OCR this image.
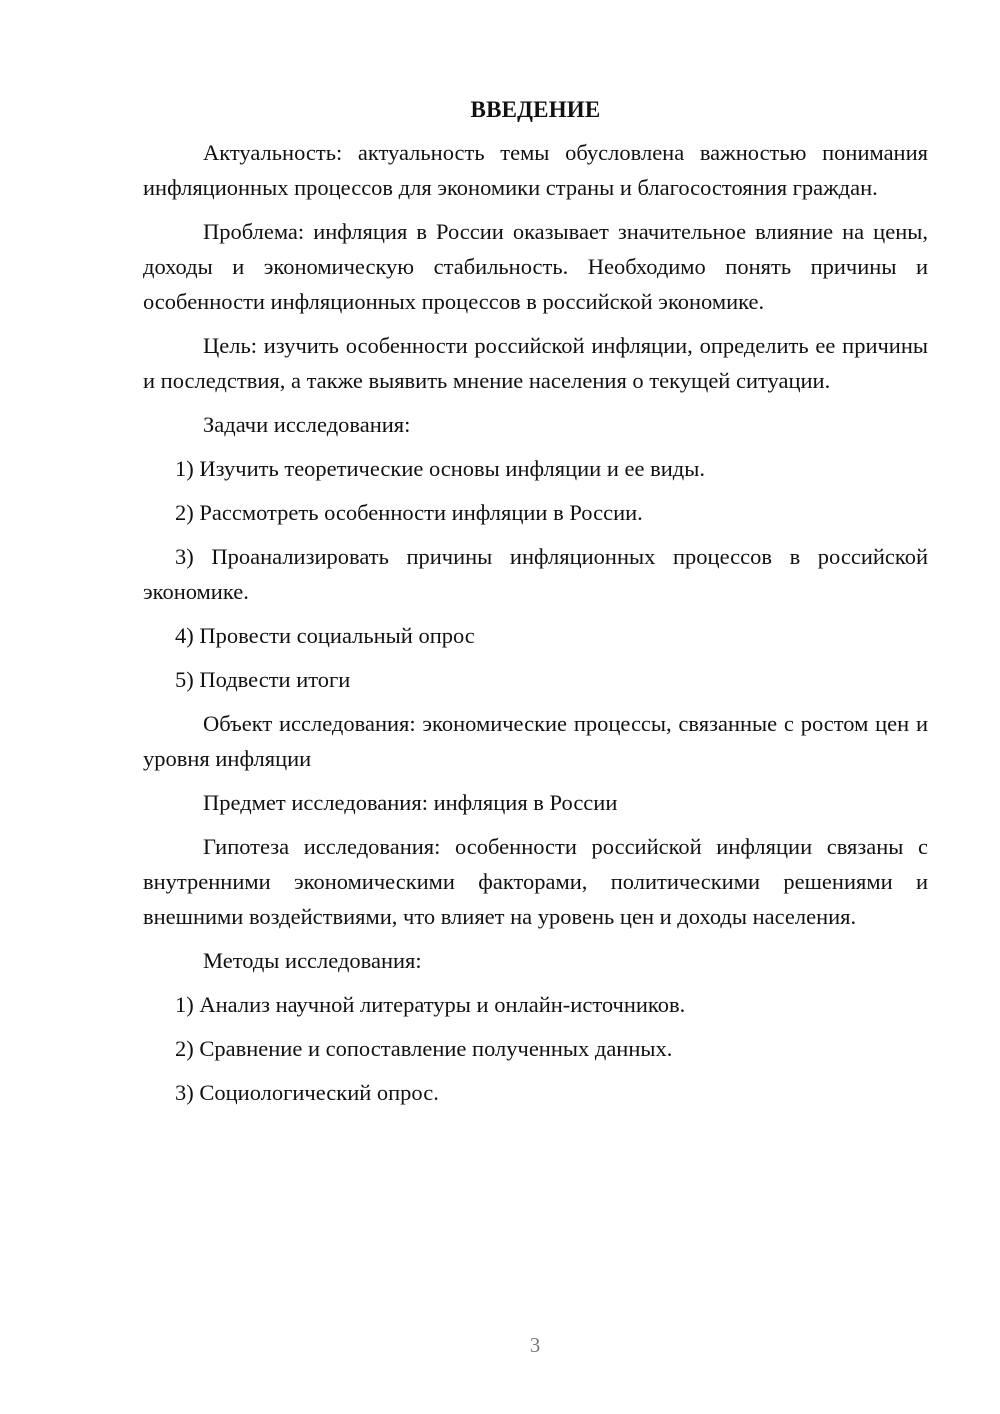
ВВЕДЕНИЕ

Актуальность: актуальность темы обусловлена важностью понимания инфляционных процессов для экономики страны и благосостояния граждан.

Проблема: инфляция в России оказывает значительное влияние на цены, доходы и экономическую стабильность. Необходимо понять причины и особенности инфляционных процессов в российской экономике.

Цель: изучить особенности российской инфляции, определить ее причины и последствия, а также выявить мнение населения о текущей ситуации.

Задачи исследования:

1) Изучить теоретические основы инфляции и ее виды.

2) Рассмотреть особенности инфляции в России.

3) Проанализировать причины инфляционных процессов в российской экономике.

4) Провести социальный опрос

5) Подвести итоги

Объект исследования: экономические процессы, связанные с ростом цен и уровня инфляции

Предмет исследования: инфляция в России

Гипотеза исследования: особенности российской инфляции связаны с внутренними экономическими факторами, политическими решениями и внешними воздействиями, что влияет на уровень цен и доходы населения.

Методы исследования:

1) Анализ научной литературы и онлайн-источников.

2) Сравнение и сопоставление полученных данных.

3) Социологический опрос.

3
